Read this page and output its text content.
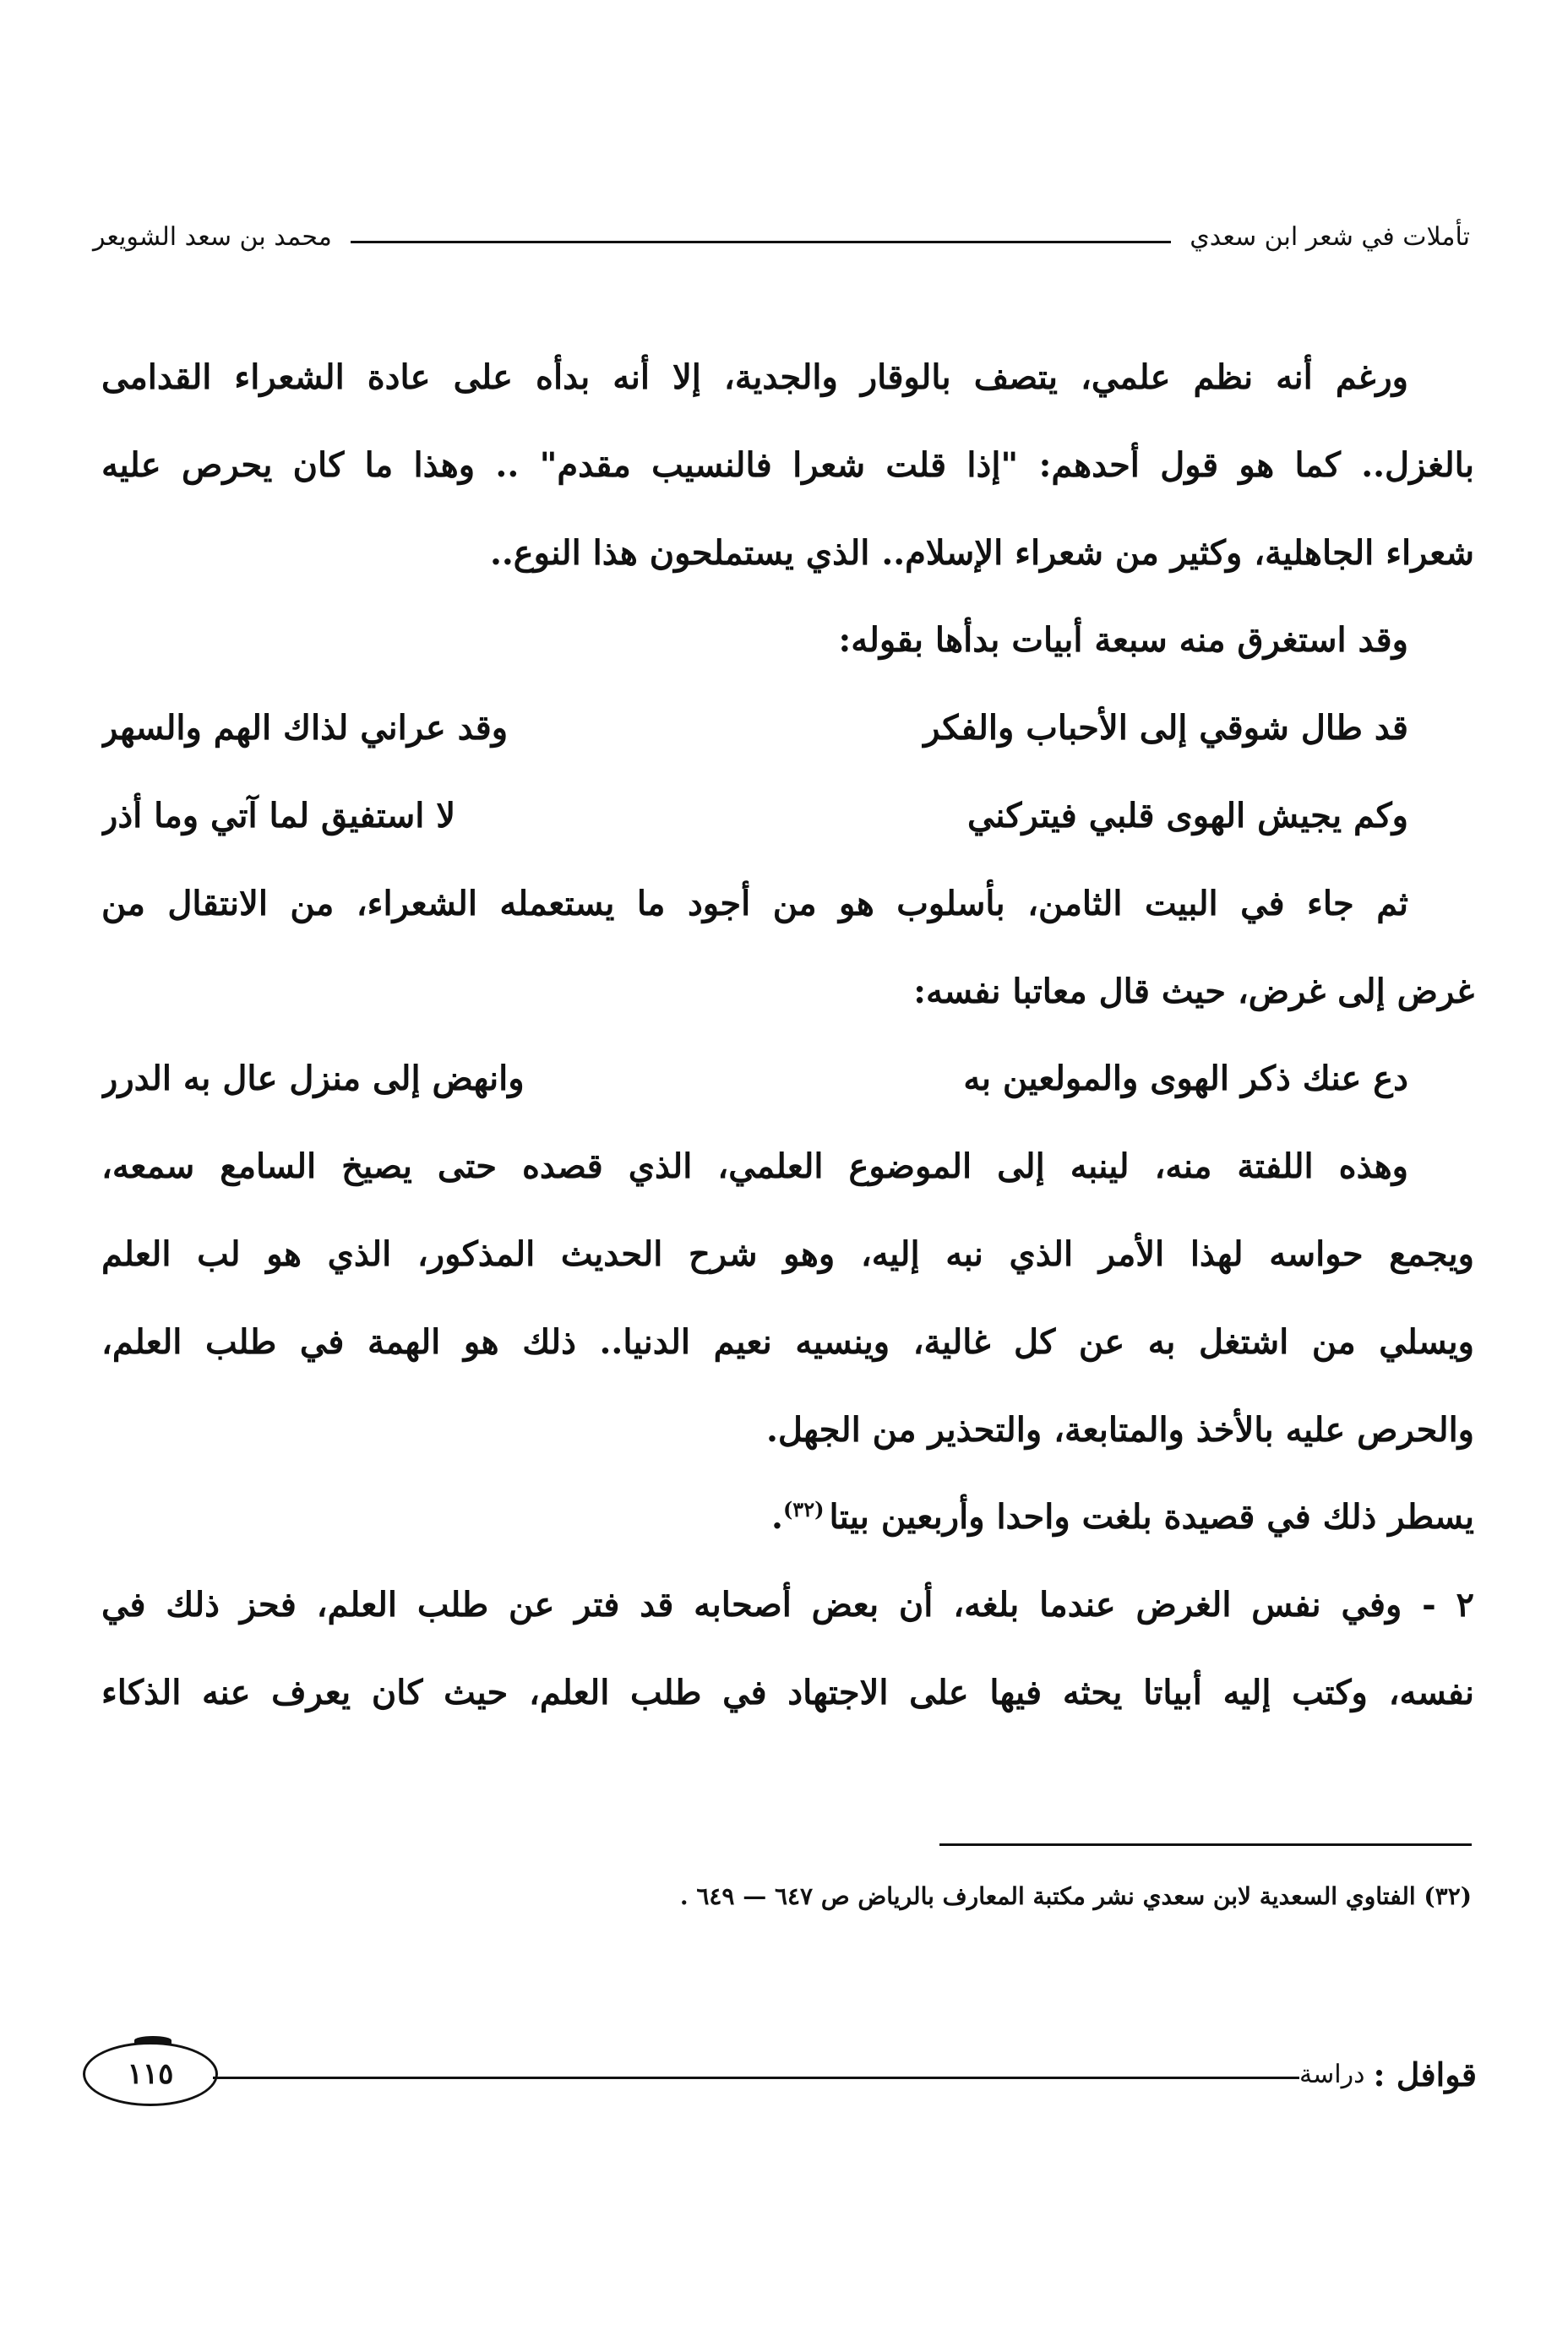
تأملات في شعر ابن سعدي
محمد بن سعد الشويعر
ورغم أنه نظم علمي، يتصف بالوقار والجدية، إلا أنه بدأه على عادة الشعراء القدامى
بالغزل.. كما هو قول أحدهم: "إذا قلت شعرا فالنسيب مقدم" .. وهذا ما كان يحرص عليه
شعراء الجاهلية، وكثير من شعراء الإسلام.. الذي يستملحون هذا النوع..
وقد استغرق منه سبعة أبيات بدأها بقوله:
قد طال شوقي إلى الأحباب والفكر
وقد عراني لذاك الهم والسهر
وكم يجيش الهوى قلبي فيتركني
لا استفيق لما آتي وما أذر
ثم جاء في البيت الثامن، بأسلوب هو من أجود ما يستعمله الشعراء، من الانتقال من
غرض إلى غرض، حيث قال معاتبا نفسه:
دع عنك ذكر الهوى والمولعين به
وانهض إلى منزل عال به الدرر
وهذه اللفتة منه، لينبه إلى الموضوع العلمي، الذي قصده حتى يصيخ السامع سمعه،
ويجمع حواسه لهذا الأمر الذي نبه إليه، وهو شرح الحديث المذكور، الذي هو لب العلم
ويسلي من اشتغل به عن كل غالية، وينسيه نعيم الدنيا.. ذلك هو الهمة في طلب العلم،
والحرص عليه بالأخذ والمتابعة، والتحذير من الجهل.
يسطر ذلك في قصيدة بلغت واحدا وأربعين بيتا$^{(٣٢)}$.
٢ - وفي نفس الغرض عندما بلغه، أن بعض أصحابه قد فتر عن طلب العلم، فحز ذلك في
نفسه، وكتب إليه أبياتا يحثه فيها على الاجتهاد في طلب العلم، حيث كان يعرف عنه الذكاء
(٣٢) الفتاوي السعدية لابن سعدي نشر مكتبة المعارف بالرياض ص ٦٤٧ — ٦٤٩ .
قوافل :
دراسة
١١٥
